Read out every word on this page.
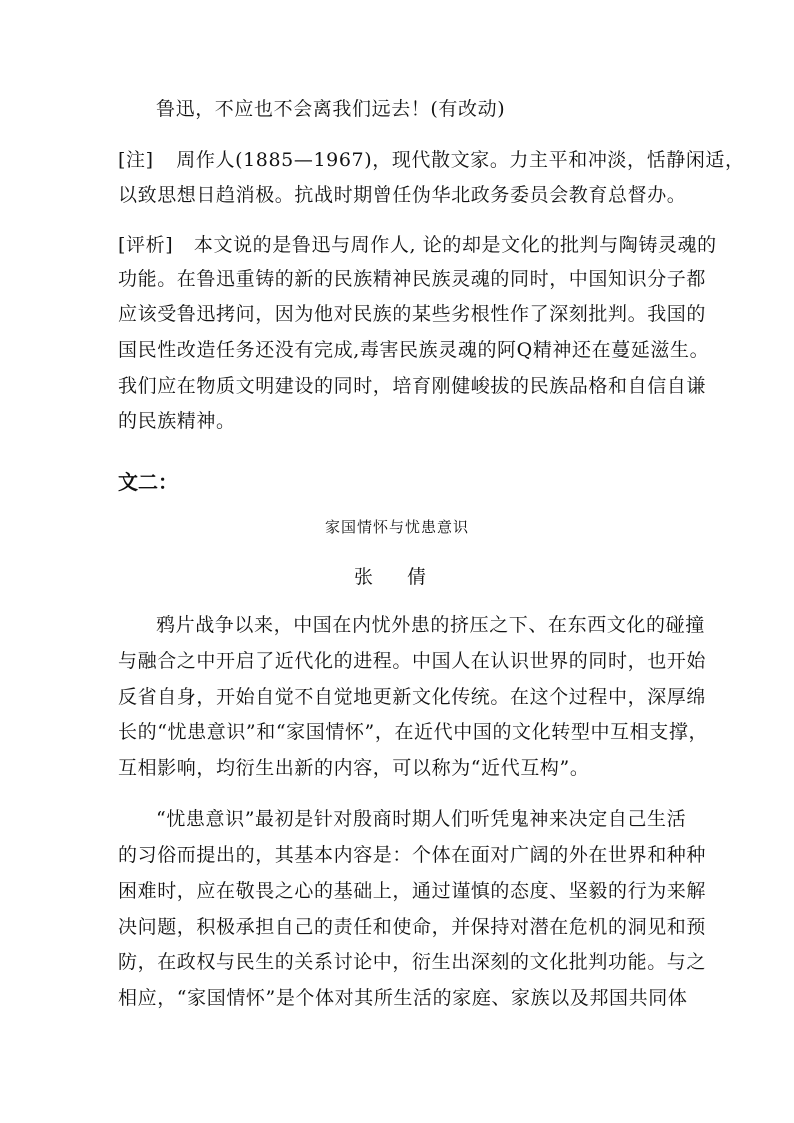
鲁迅，不应也不会离我们远去！(有改动)
[注] 周作人(1885—1967)，现代散文家。力主平和冲淡，恬静闲适，
以致思想日趋消极。抗战时期曾任伪华北政务委员会教育总督办。
[评析] 本文说的是鲁迅与周作人, 论的却是文化的批判与陶铸灵魂的
功能。在鲁迅重铸的新的民族精神民族灵魂的同时，中国知识分子都
应该受鲁迅拷问，因为他对民族的某些劣根性作了深刻批判。我国的
国民性改造任务还没有完成,毒害民族灵魂的阿Q精神还在蔓延滋生。
我们应在物质文明建设的同时，培育刚健峻拔的民族品格和自信自谦
的民族精神。
文二：
家国情怀与忧患意识
张 倩
鸦片战争以来，中国在内忧外患的挤压之下、在东西文化的碰撞
与融合之中开启了近代化的进程。中国人在认识世界的同时，也开始
反省自身，开始自觉不自觉地更新文化传统。在这个过程中，深厚绵
长的“忧患意识”和“家国情怀”，在近代中国的文化转型中互相支撑，
互相影响，均衍生出新的内容，可以称为“近代互构”。
“忧患意识”最初是针对殷商时期人们听凭鬼神来决定自己生活
的习俗而提出的，其基本内容是：个体在面对广阔的外在世界和种种
困难时，应在敬畏之心的基础上，通过谨慎的态度、坚毅的行为来解
决问题，积极承担自己的责任和使命，并保持对潜在危机的洞见和预
防，在政权与民生的关系讨论中，衍生出深刻的文化批判功能。与之
相应，“家国情怀”是个体对其所生活的家庭、家族以及邦国共同体
